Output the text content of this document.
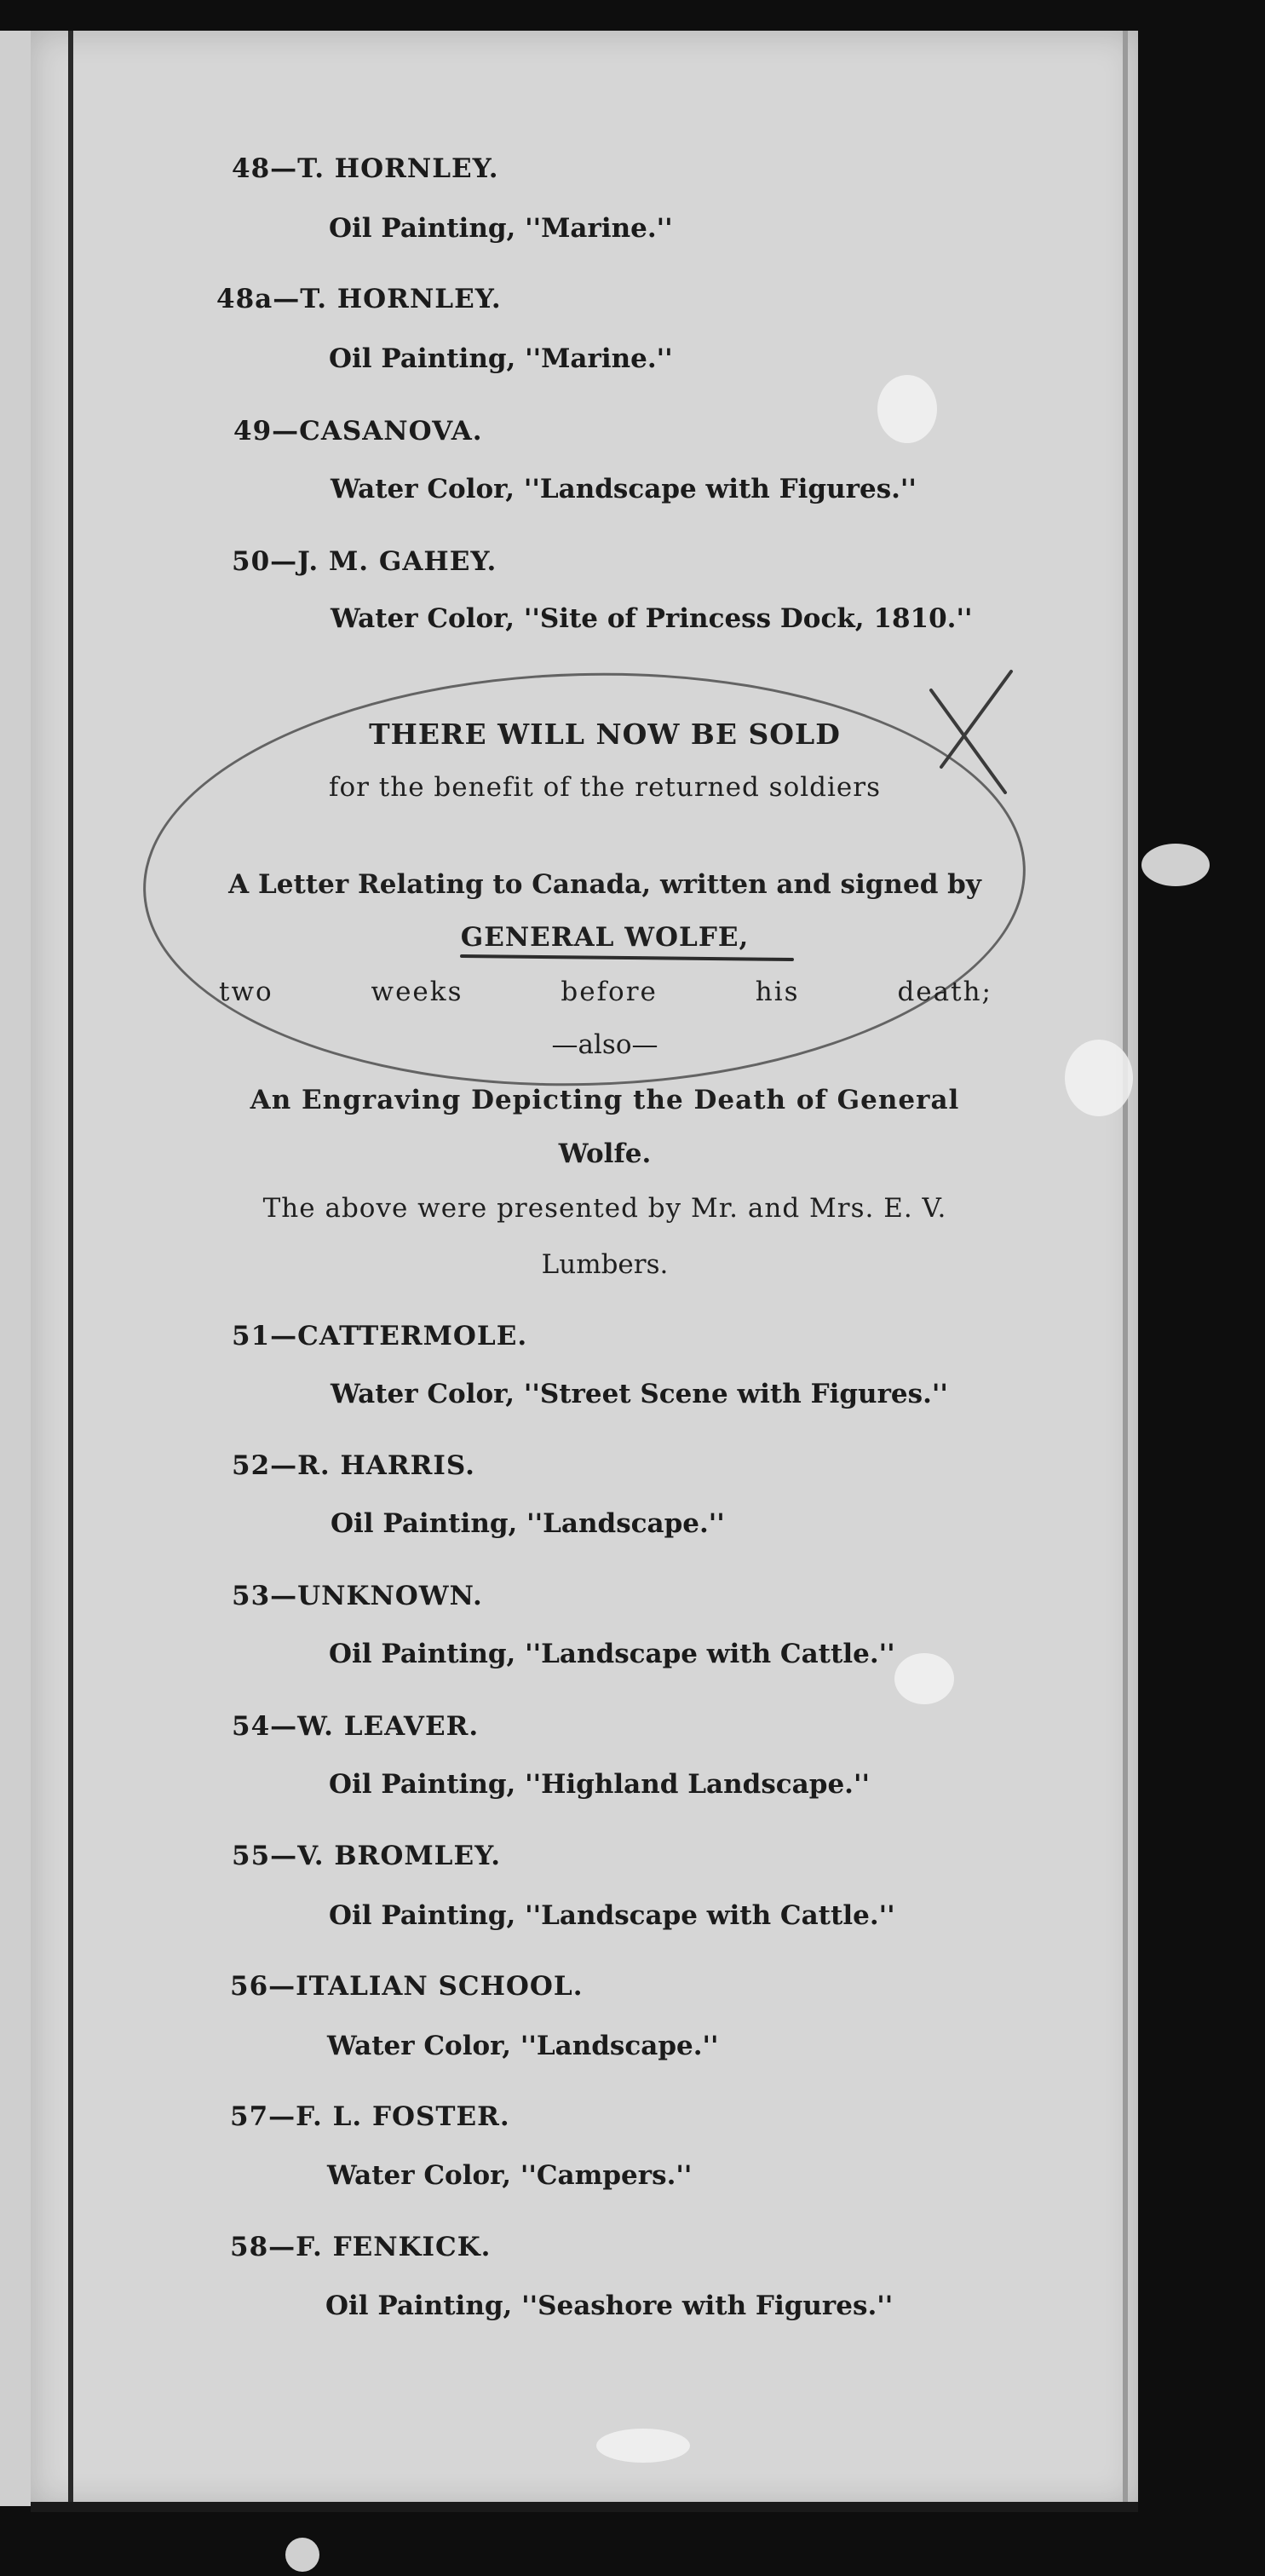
48—T. HORNLEY.
Oil Painting, ''Marine.''
48a—T. HORNLEY.
Oil Painting, ''Marine.''
49—CASANOVA.
Water Color, ''Landscape with Figures.''
50—J. M. GAHEY.
Water Color, ''Site of Princess Dock, 1810.''
THERE WILL NOW BE SOLD
for the benefit of the returned soldiers
A Letter Relating to Canada, written and signed by
GENERAL WOLFE,
two weeks before his death;
—also—
An Engraving Depicting the Death of General
Wolfe.
The above were presented by Mr. and Mrs. E. V.
Lumbers.
51—CATTERMOLE.
Water Color, ''Street Scene with Figures.''
52—R. HARRIS.
Oil Painting, ''Landscape.''
53—UNKNOWN.
Oil Painting, ''Landscape with Cattle.''
54—W. LEAVER.
Oil Painting, ''Highland Landscape.''
55—V. BROMLEY.
Oil Painting, ''Landscape with Cattle.''
56—ITALIAN SCHOOL.
Water Color, ''Landscape.''
57—F. L. FOSTER.
Water Color, ''Campers.''
58—F. FENKICK.
Oil Painting, ''Seashore with Figures.''
